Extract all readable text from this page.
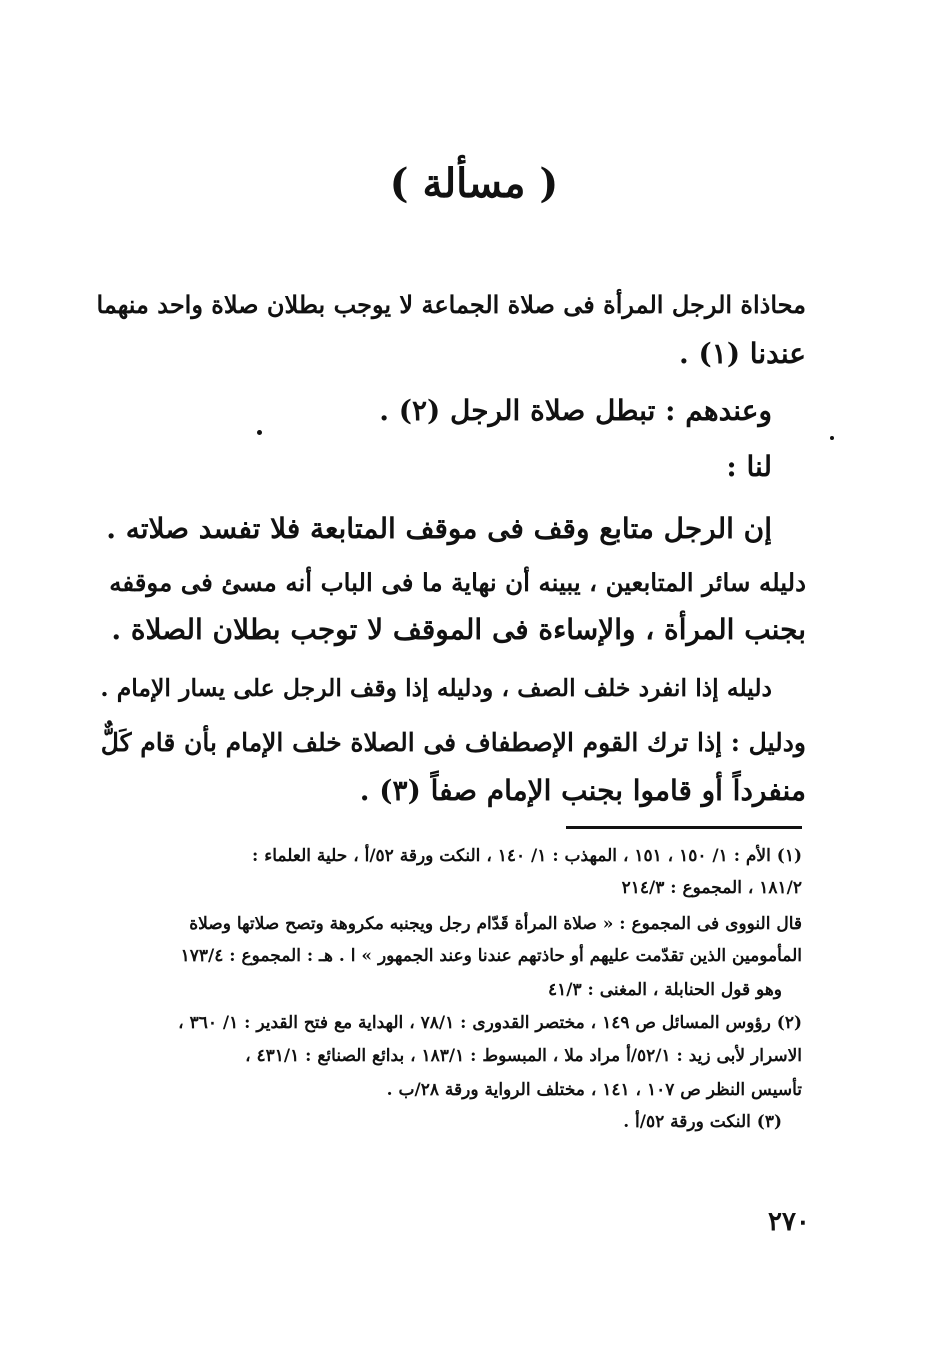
( مسألة )
محاذاة الرجل المرأة فى صلاة الجماعة لا يوجب بطلان صلاة واحد منهما
عندنا (١) .
وعندهم : تبطل صلاة الرجل (٢) .
لنا :
إن الرجل متابع وقف فى موقف المتابعة فلا تفسد صلاته .
دليله سائر المتابعين ، يبينه أن نهاية ما فى الباب أنه مسئ فى موقفه
بجنب المرأة ، والإساءة فى الموقف لا توجب بطلان الصلاة .
دليله إذا انفرد خلف الصف ، ودليله إذا وقف الرجل على يسار الإمام .
ودليل : إذا ترك القوم الإصطفاف فى الصلاة خلف الإمام بأن قام كَلٌّ
منفرداً أو قاموا بجنب الإمام صفاً (٣) .
(١) الأم : ١/ ١٥٠ ، ١٥١ ، المهذب : ١/ ١٤٠ ، النكت ورقة ٥٢/أ ، حلية العلماء :
١٨١/٢ ، المجموع : ٢١٤/٣
قال النووى فى المجموع : « صلاة المرأة قَدّام رجل ويجنبه مكروهة وتصح صلاتها وصلاة
المأمومين الذين تقدّمت عليهم أو حاذتهم عندنا وعند الجمهور » ا . هـ : المجموع : ١٧٣/٤
وهو قول الحنابلة ، المغنى : ٤١/٣
(٢) رؤوس المسائل ص ١٤٩ ، مختصر القدورى : ٧٨/١ ، الهداية مع فتح القدير : ١/ ٣٦٠ ،
الاسرار لأبى زيد : ٥٢/١/أ مراد ملا ، المبسوط : ١٨٣/١ ، بدائع الصنائع : ٤٣١/١ ،
تأسيس النظر ص ١٠٧ ، ١٤١ ، مختلف الرواية ورقة ٢٨/ب .
(٣) النكت ورقة ٥٢/أ .
٢٧٠
